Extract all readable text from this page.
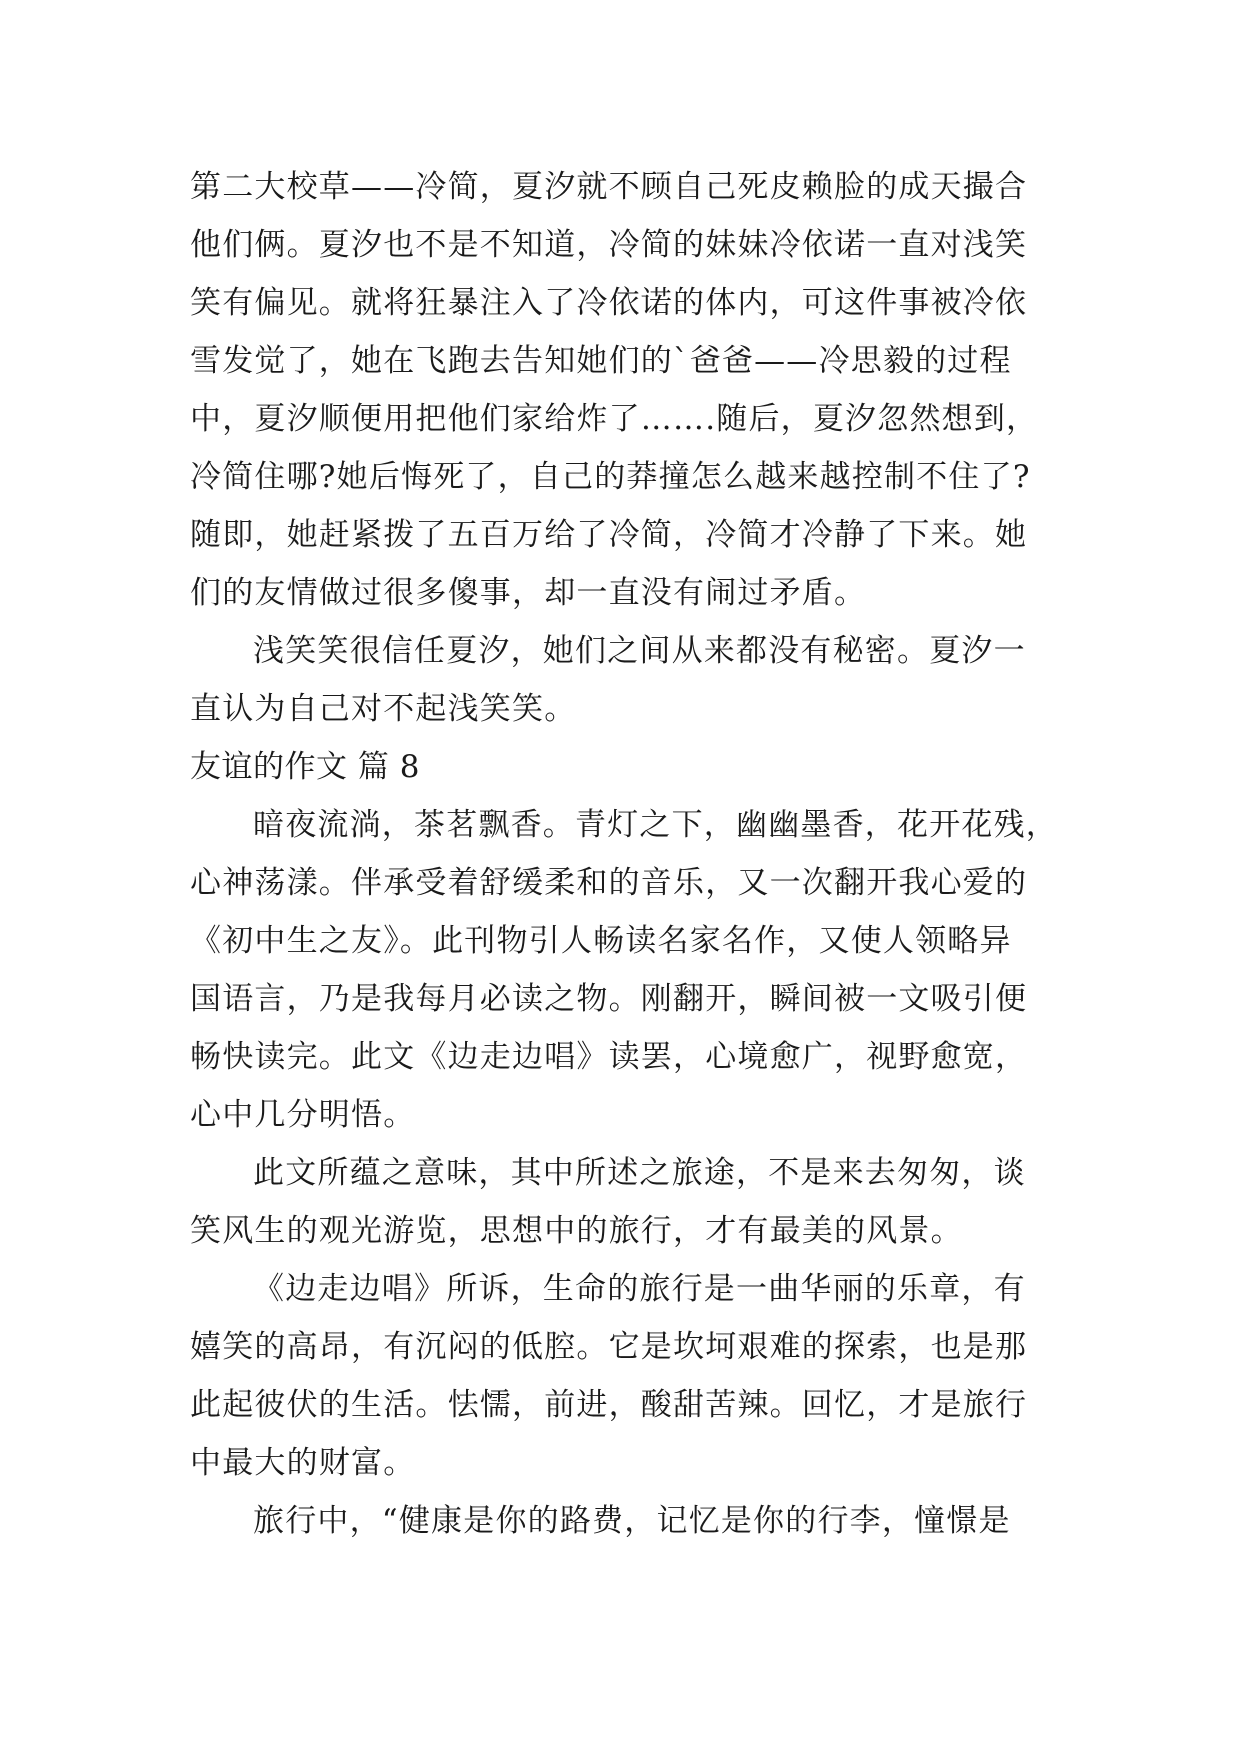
第二大校草——冷简，夏汐就不顾自己死皮赖脸的成天撮合
他们俩。夏汐也不是不知道，冷简的妹妹冷依诺一直对浅笑
笑有偏见。就将狂暴注入了冷依诺的体内，可这件事被冷依
雪发觉了，她在飞跑去告知她们的`爸爸——冷思毅的过程
中，夏汐顺便用把他们家给炸了…….随后，夏汐忽然想到，
冷简住哪?她后悔死了，自己的莽撞怎么越来越控制不住了?
随即，她赶紧拨了五百万给了冷简，冷简才冷静了下来。她
们的友情做过很多傻事，却一直没有闹过矛盾。
浅笑笑很信任夏汐，她们之间从来都没有秘密。夏汐一
直认为自己对不起浅笑笑。
友谊的作文 篇 8
暗夜流淌，茶茗飘香。青灯之下，幽幽墨香，花开花残，
心神荡漾。伴承受着舒缓柔和的音乐，又一次翻开我心爱的
《初中生之友》。此刊物引人畅读名家名作，又使人领略异
国语言，乃是我每月必读之物。刚翻开，瞬间被一文吸引便
畅快读完。此文《边走边唱》读罢，心境愈广，视野愈宽，
心中几分明悟。
此文所蕴之意味，其中所述之旅途，不是来去匆匆，谈
笑风生的观光游览，思想中的旅行，才有最美的风景。
《边走边唱》所诉，生命的旅行是一曲华丽的乐章，有
嬉笑的高昂，有沉闷的低腔。它是坎坷艰难的探索，也是那
此起彼伏的生活。怯懦，前进，酸甜苦辣。回忆，才是旅行
中最大的财富。
旅行中，“健康是你的路费，记忆是你的行李，憧憬是
